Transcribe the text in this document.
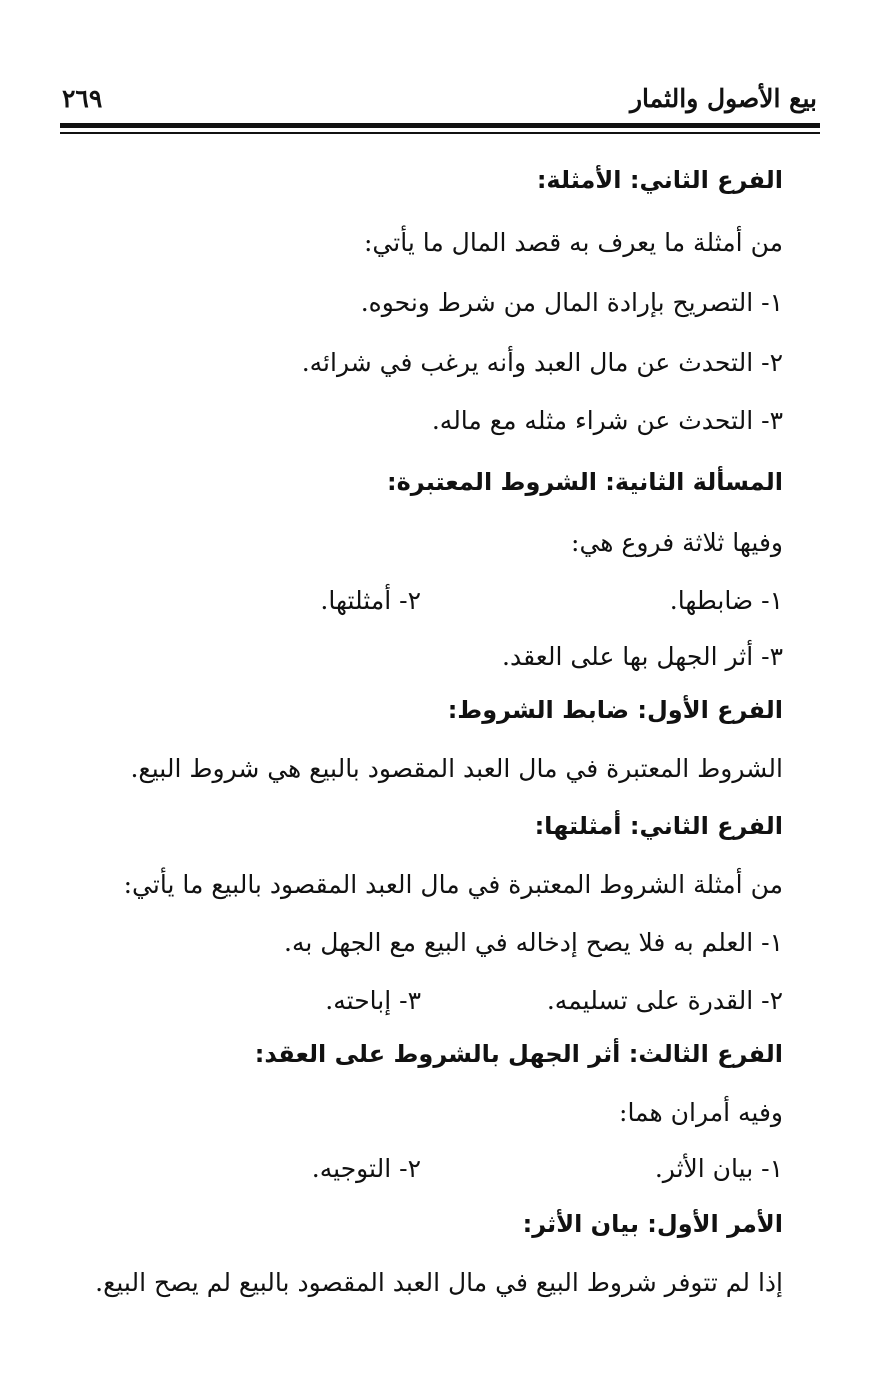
بيع الأصول والثمار
٢٦٩
الفرع الثاني: الأمثلة:
من أمثلة ما يعرف به قصد المال ما يأتي:
١- التصريح بإرادة المال من شرط ونحوه.
٢- التحدث عن مال العبد وأنه يرغب في شرائه.
٣- التحدث عن شراء مثله مع ماله.
المسألة الثانية: الشروط المعتبرة:
وفيها ثلاثة فروع هي:
١- ضابطها.
٢- أمثلتها.
٣- أثر الجهل بها على العقد.
الفرع الأول: ضابط الشروط:
الشروط المعتبرة في مال العبد المقصود بالبيع هي شروط البيع.
الفرع الثاني: أمثلتها:
من أمثلة الشروط المعتبرة في مال العبد المقصود بالبيع ما يأتي:
١- العلم به فلا يصح إدخاله في البيع مع الجهل به.
٢- القدرة على تسليمه.
٣- إباحته.
الفرع الثالث: أثر الجهل بالشروط على العقد:
وفيه أمران هما:
١- بيان الأثر.
٢- التوجيه.
الأمر الأول: بيان الأثر:
إذا لم تتوفر شروط البيع في مال العبد المقصود بالبيع لم يصح البيع.
